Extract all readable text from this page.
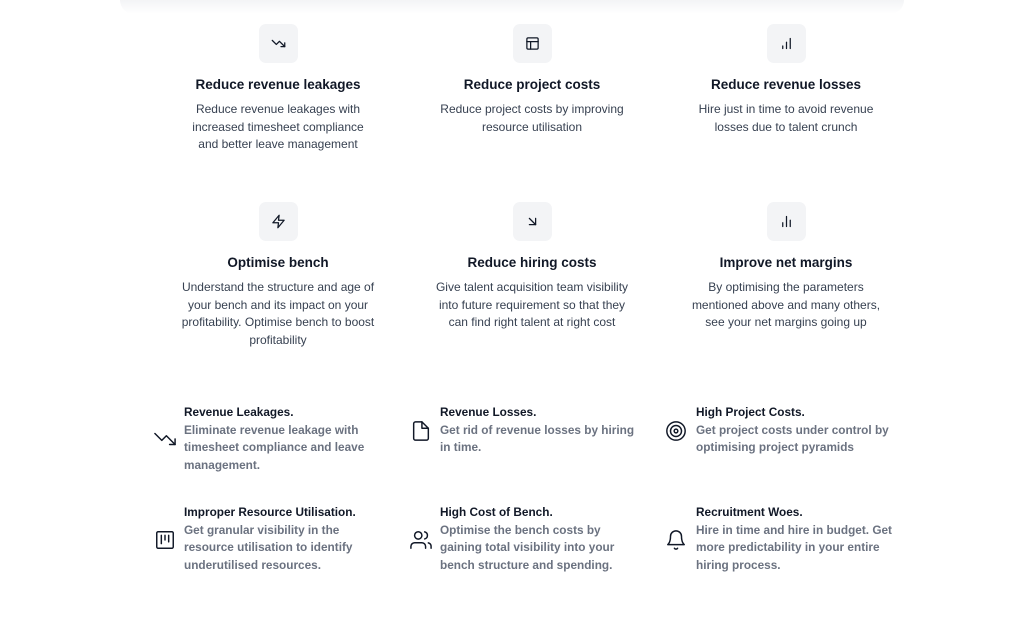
Reduce revenue leakages

Reduce revenue leakages with increased timesheet compliance and better leave management

Reduce project costs

Reduce project costs by improving resource utilisation

Reduce revenue losses

Hire just in time to avoid revenue losses due to talent crunch

Optimise bench

Understand the structure and age of your bench and its impact on your profitability. Optimise bench to boost profitability

Reduce hiring costs

Give talent acquisition team visibility into future requirement so that they can find right talent at right cost

Improve net margins

By optimising the parameters mentioned above and many others, see your net margins going up

Revenue Leakages.
Eliminate revenue leakage with timesheet compliance and leave management.
Revenue Losses.
Get rid of revenue losses by hiring in time.
High Project Costs.
Get project costs under control by optimising project pyramids
Improper Resource Utilisation.
Get granular visibility in the resource utilisation to identify underutilised resources.
High Cost of Bench.
Optimise the bench costs by gaining total visibility into your bench structure and spending.
Recruitment Woes.
Hire in time and hire in budget. Get more predictability in your entire hiring process.
